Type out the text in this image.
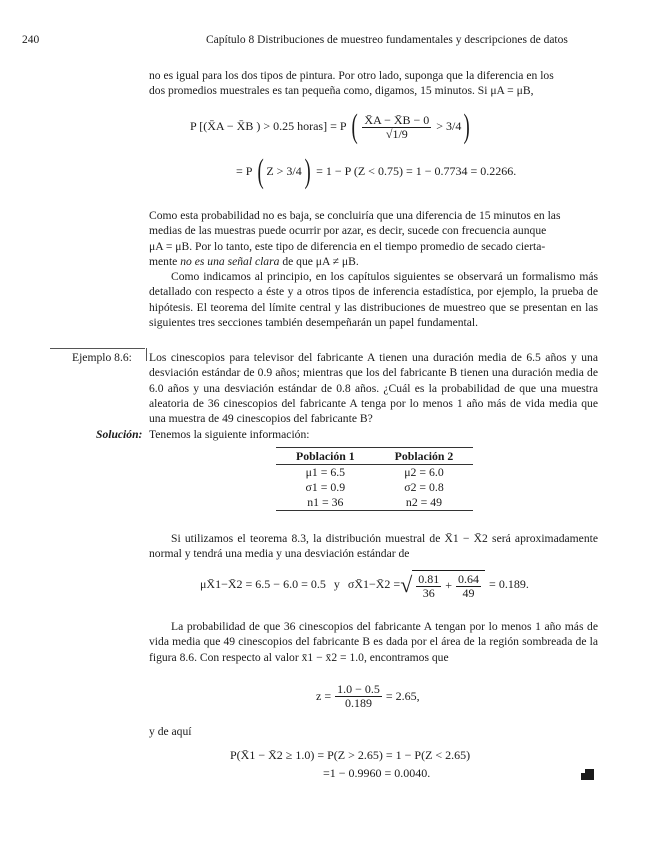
240	Capítulo 8 Distribuciones de muestreo fundamentales y descripciones de datos
no es igual para los dos tipos de pintura. Por otro lado, suponga que la diferencia en los
dos promedios muestrales es tan pequeña como, digamos, 15 minutos. Si μA = μB,
P [(X̄A − X̄B ) > 0.25 horas] = P ( $\frac{X̄A - X̄B - 0}{√1/9} > 3/4$)
= P ( Z > 3/4) = 1 − P (Z < 0.75) = 1 − 0.7734 = 0.2266.
Como esta probabilidad no es baja, se concluiría que una diferencia de 15 minutos en las
medias de las muestras puede ocurrir por azar, es decir, sucede con frecuencia aunque
μA = μB. Por lo tanto, este tipo de diferencia en el tiempo promedio de secado cierta-
mente no es una señal clara de que μA ≠ μB.
Como indicamos al principio, en los capítulos siguientes se observará un formalismo más detallado con respecto a éste y a otros tipos de inferencia estadística, por ejemplo, la prueba de hipótesis. El teorema del límite central y las distribuciones de muestreo que se presentan en las siguientes tres secciones también desempeñarán un papel fundamental.
Ejemplo 8.6: Los cinescopios para televisor del fabricante A tienen una duración media de 6.5 años y una desviación estándar de 0.9 años; mientras que los del fabricante B tienen una duración media de 6.0 años y una desviación estándar de 0.8 años. ¿Cuál es la probabilidad de que una muestra aleatoria de 36 cinescopios del fabricante A tenga por lo menos 1 año más de vida media que una muestra de 49 cinescopios del fabricante B?
Solución: Tenemos la siguiente información:
Población 1	Población 2
μ1 = 6.5	μ2 = 6.0
σ1 = 0.9	σ2 = 0.8
n1 = 36	n2 = 49
Si utilizamos el teorema 8.3, la distribución muestral de X̄1 − X̄2 será aproximadamente normal y tendrá una media y una desviación estándar de
μX̄1−X̄2 = 6.5 − 6.0 = 0.5 y σX̄1−X̄2 = √ $\frac{0.81}{36} + \frac{0.64}{49} = 0.189$.
La probabilidad de que 36 cinescopios del fabricante A tengan por lo menos 1 año más de vida media que 49 cinescopios del fabricante B es dada por el área de la región sombreada de la figura 8.6. Con respecto al valor x̄1 − x̄2 = 1.0, encontramos que
$z = \frac{1.0 - 0.5}{0.189} = 2.65$,
y de aquí
P(X̄1 − X̄2 ≥ 1.0) = P(Z > 2.65) = 1 − P(Z < 2.65)
=1 − 0.9960 = 0.0040.
